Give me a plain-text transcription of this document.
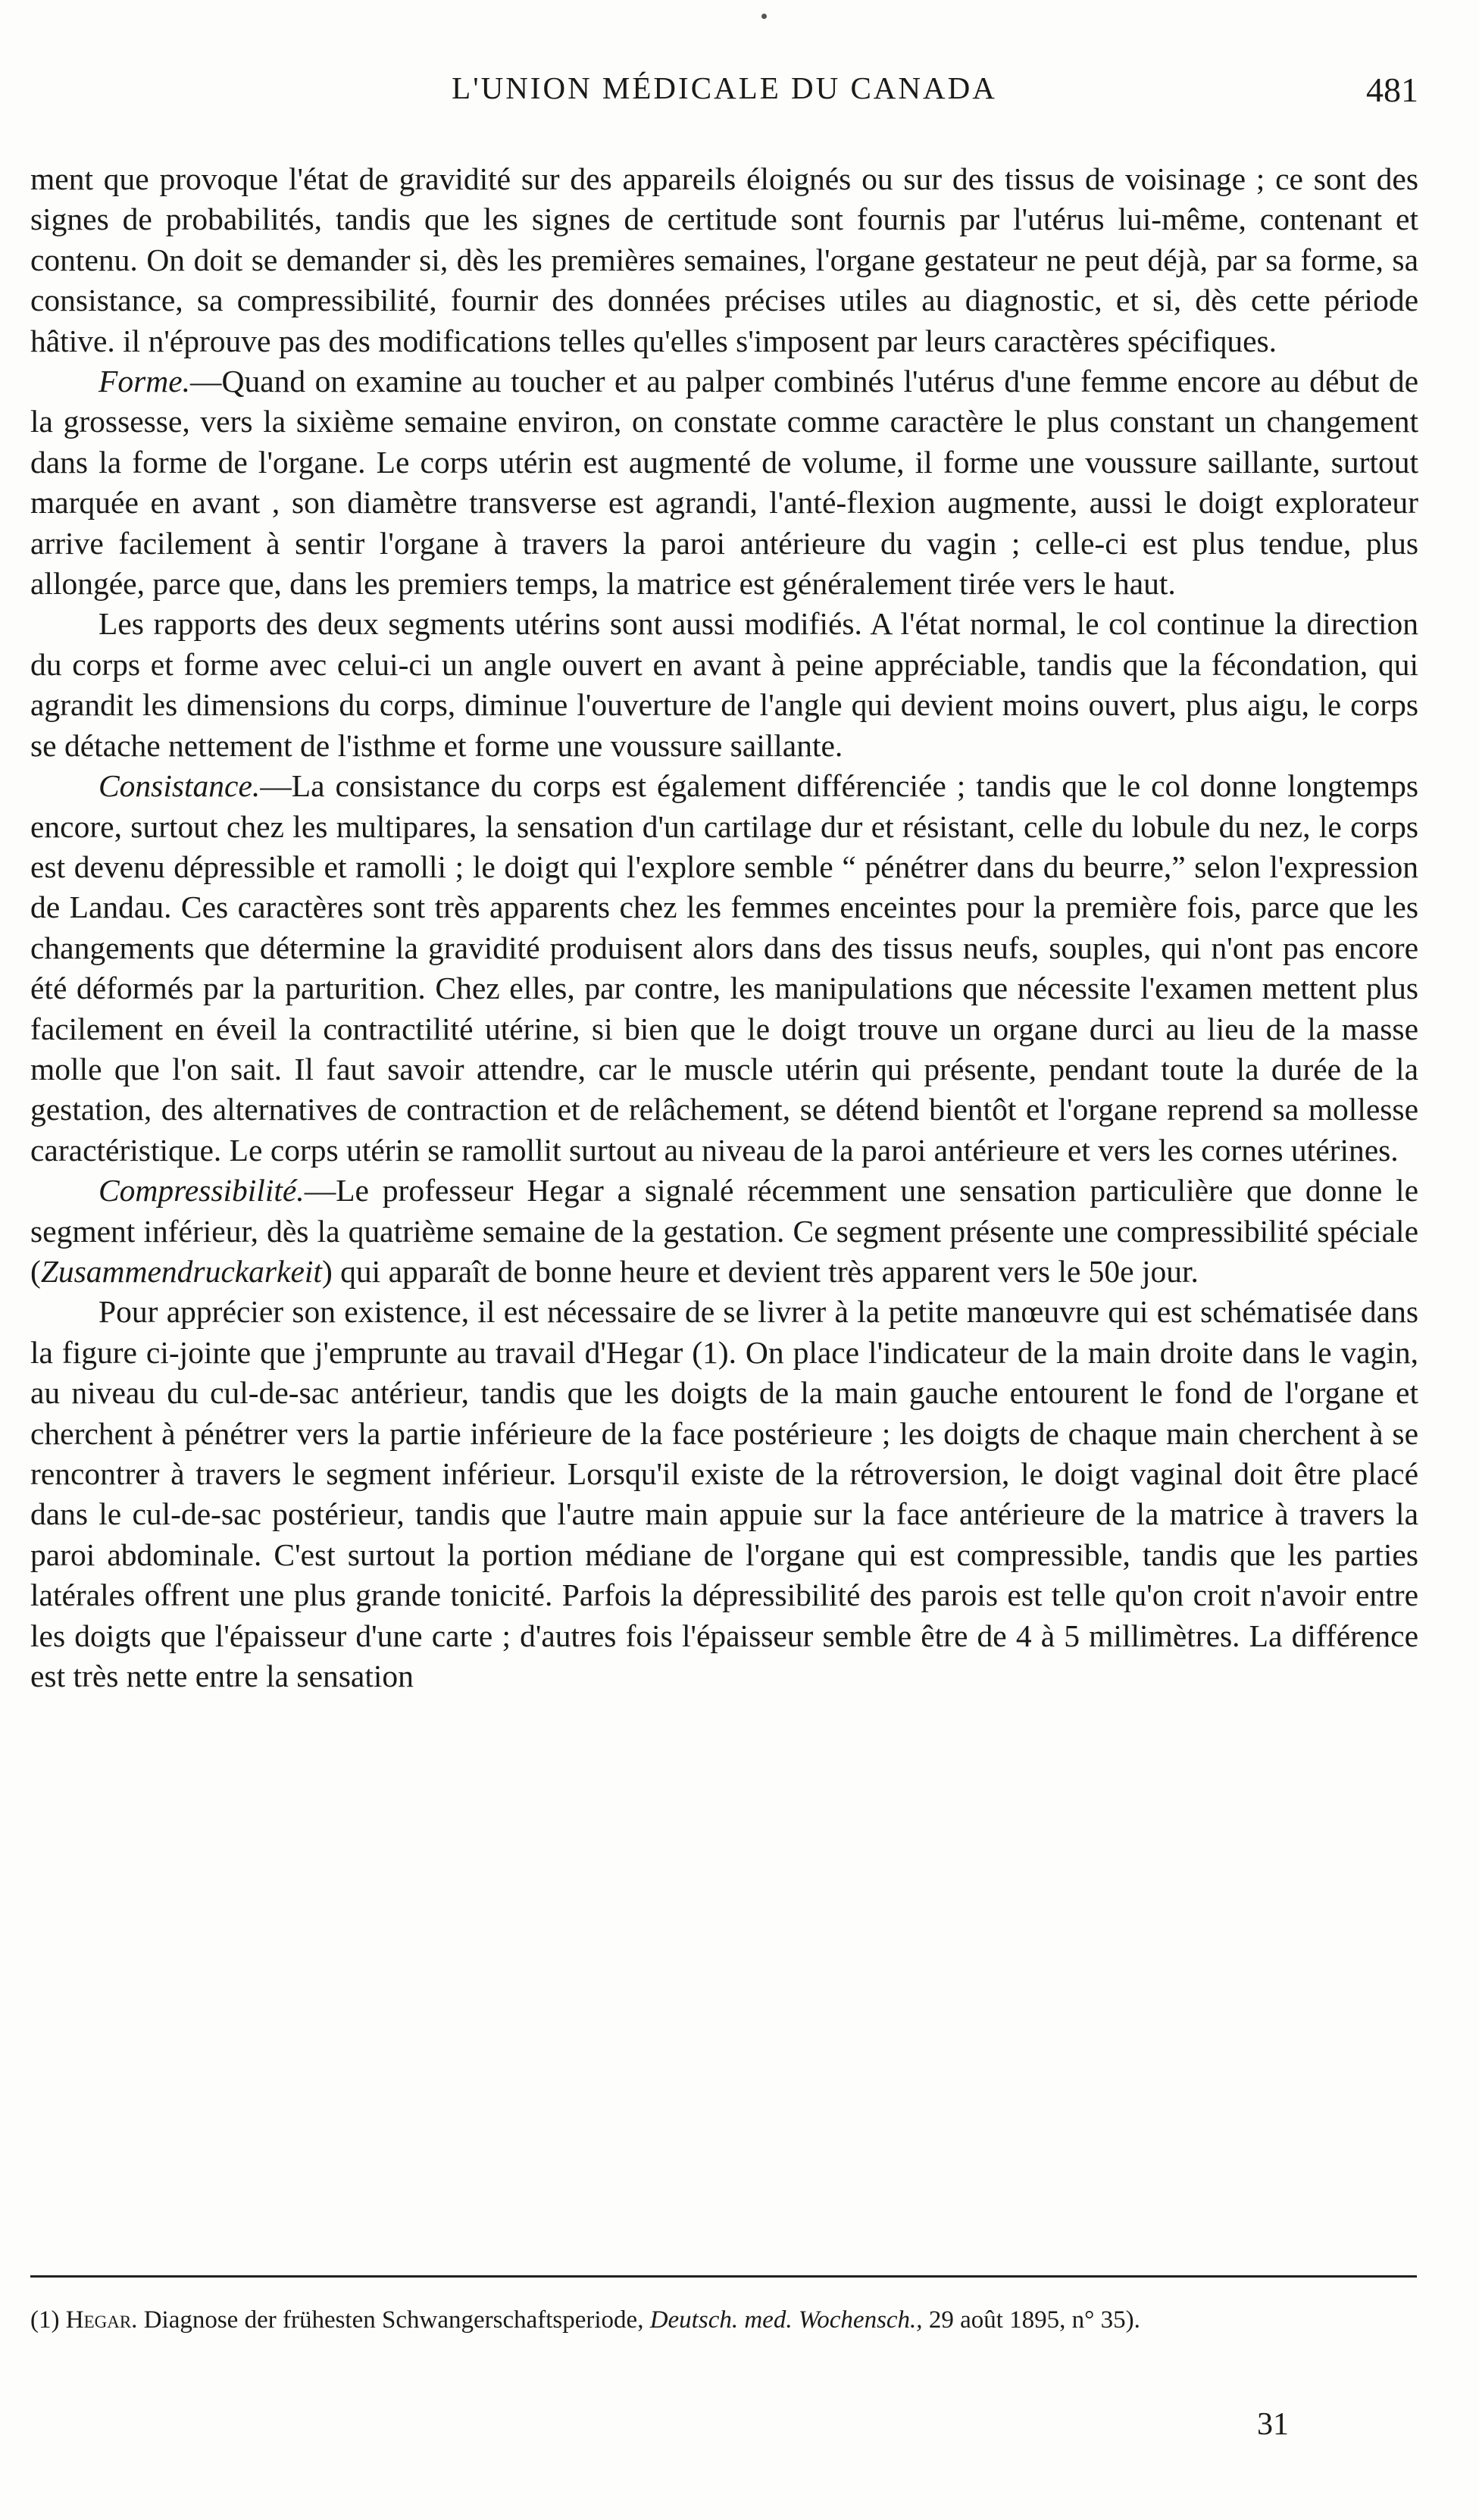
L'UNION MÉDICALE DU CANADA	481

ment que provoque l'état de gravidité sur des appareils éloignés ou sur des tissus de voisinage ; ce sont des signes de probabilités, tandis que les signes de certitude sont fournis par l'utérus lui-même, contenant et contenu. On doit se demander si, dès les premières semaines, l'organe gestateur ne peut déjà, par sa forme, sa consistance, sa compressibilité, fournir des données précises utiles au diagnostic, et si, dès cette période hâtive. il n'éprouve pas des modifications telles qu'elles s'imposent par leurs caractères spécifiques.

Forme.—Quand on examine au toucher et au palper combinés l'utérus d'une femme encore au début de la grossesse, vers la sixième semaine environ, on constate comme caractère le plus constant un changement dans la forme de l'organe. Le corps utérin est augmenté de volume, il forme une voussure saillante, surtout marquée en avant , son diamètre transverse est agrandi, l'anté-flexion augmente, aussi le doigt explorateur arrive facilement à sentir l'organe à travers la paroi antérieure du vagin ; celle-ci est plus tendue, plus allongée, parce que, dans les premiers temps, la matrice est généralement tirée vers le haut.

Les rapports des deux segments utérins sont aussi modifiés. A l'état normal, le col continue la direction du corps et forme avec celui-ci un angle ouvert en avant à peine appréciable, tandis que la fécondation, qui agrandit les dimensions du corps, diminue l'ouverture de l'angle qui devient moins ouvert, plus aigu, le corps se détache nettement de l'isthme et forme une voussure saillante.

Consistance.—La consistance du corps est également différenciée ; tandis que le col donne longtemps encore, surtout chez les multipares, la sensation d'un cartilage dur et résistant, celle du lobule du nez, le corps est devenu dépressible et ramolli ; le doigt qui l'explore semble “ pénétrer dans du beurre,” selon l'expression de Landau. Ces caractères sont très apparents chez les femmes enceintes pour la première fois, parce que les changements que détermine la gravidité produisent alors dans des tissus neufs, souples, qui n'ont pas encore été déformés par la parturition. Chez elles, par contre, les manipulations que nécessite l'examen mettent plus facilement en éveil la contractilité utérine, si bien que le doigt trouve un organe durci au lieu de la masse molle que l'on sait. Il faut savoir attendre, car le muscle utérin qui présente, pendant toute la durée de la gestation, des alternatives de contraction et de relâchement, se détend bientôt et l'organe reprend sa mollesse caractéristique. Le corps utérin se ramollit surtout au niveau de la paroi antérieure et vers les cornes utérines.

Compressibilité.—Le professeur Hegar a signalé récemment une sensation particulière que donne le segment inférieur, dès la quatrième semaine de la gestation. Ce segment présente une compressibilité spéciale (Zusammendruckarkeit) qui apparaît de bonne heure et devient très apparent vers le 50e jour.

Pour apprécier son existence, il est nécessaire de se livrer à la petite manœuvre qui est schématisée dans la figure ci-jointe que j'emprunte au travail d'Hegar (1). On place l'indicateur de la main droite dans le vagin, au niveau du cul-de-sac antérieur, tandis que les doigts de la main gauche entourent le fond de l'organe et cherchent à pénétrer vers la partie inférieure de la face postérieure ; les doigts de chaque main cherchent à se rencontrer à travers le segment inférieur. Lorsqu'il existe de la rétroversion, le doigt vaginal doit être placé dans le cul-de-sac postérieur, tandis que l'autre main appuie sur la face antérieure de la matrice à travers la paroi abdominale. C'est surtout la portion médiane de l'organe qui est compressible, tandis que les parties latérales offrent une plus grande tonicité. Parfois la dépressibilité des parois est telle qu'on croit n'avoir entre les doigts que l'épaisseur d'une carte ; d'autres fois l'épaisseur semble être de 4 à 5 millimètres. La différence est très nette entre la sensation

(1) Hegar. Diagnose der frühesten Schwangerschaftsperiode, Deutsch. med. Wochensch., 29 août 1895, n° 35).
31
